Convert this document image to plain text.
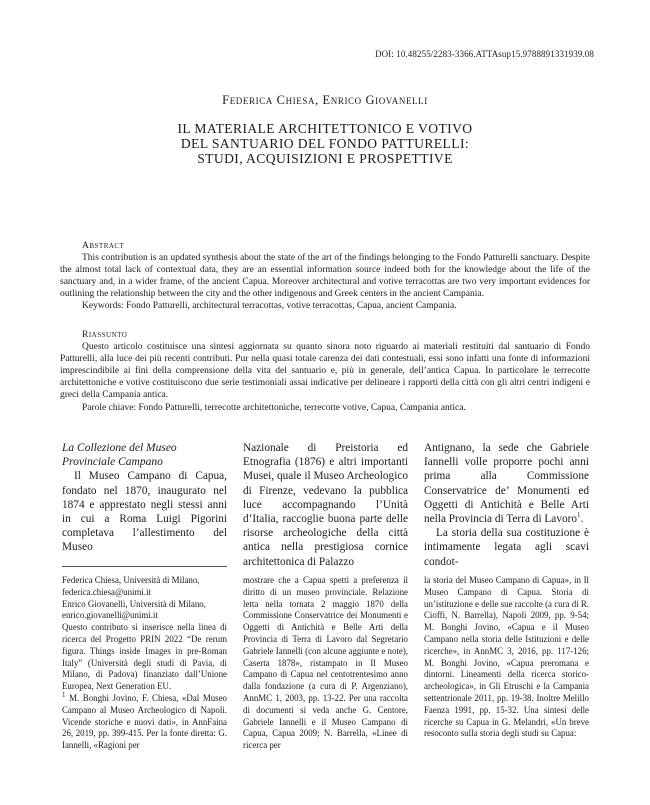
DOI: 10.48255/2283-3366.ATTAsup15.9788891331939.08
Federica Chiesa, Enrico Giovanelli
IL MATERIALE ARCHITETTONICO E VOTIVO
DEL SANTUARIO DEL FONDO PATTURELLI:
STUDI, ACQUISIZIONI E PROSPETTIVE
Abstract

This contribution is an updated synthesis about the state of the art of the findings belonging to the Fondo Patturelli sanctuary. Despite the almost total lack of contextual data, they are an essential information source indeed both for the knowledge about the life of the sanctuary and, in a wider frame, of the ancient Capua. Moreover architectural and votive terracottas are two very important evidences for outlining the relationship between the city and the other indigenous and Greek centers in the ancient Campania.

Keywords: Fondo Patturelli, architectural terracottas, votive terracottas, Capua, ancient Campania.

Riassunto

Questo articolo costituisce una sintesi aggiornata su quanto sinora noto riguardo ai materiali restituiti dal santuario di Fondo Patturelli, alla luce dei più recenti contributi. Pur nella quasi totale carenza dei dati contestuali, essi sono infatti una fonte di informazioni imprescindibile ai fini della comprensione della vita del santuario e, più in generale, dell’antica Capua. In particolare le terrecotte architettoniche e votive costituiscono due serie testimoniali assai indicative per delineare i rapporti della città con gli altri centri indigeni e greci della Campania antica.

Parole chiave: Fondo Patturelli, terrecotte architettoniche, terrecotte votive, Capua, Campania antica.

La Collezione del Museo Provinciale Campano

Il Museo Campano di Capua, fondato nel 1870, inaugurato nel 1874 e apprestato negli stessi anni in cui a Roma Luigi Pigorini completava l’allestimento del Museo

Nazionale di Preistoria ed Etnografia (1876) e altri importanti Musei, quale il Museo Archeologico di Firenze, vedevano la pubblica luce accompagnando l’Unità d’Italia, raccoglie buona parte delle risorse archeologiche della città antica nella prestigiosa cornice architettonica di Palazzo

Antignano, la sede che Gabriele Iannelli volle proporre pochi anni prima alla Commissione Conservatrice de’ Monumenti ed Oggetti di Antichità e Belle Arti nella Provincia di Terra di Lavoro$^1$.

La storia della sua costituzione è intimamente legata agli scavi condot-

Federica Chiesa, Università di Milano,

federica.chiesa@unimi.it

Enrico Giovanelli, Università di Milano,

enrico.giovanelli@unimi.it

Questo contributo si inserisce nella linea di ricerca del Progetto PRIN 2022 “De rerum figura. Things inside Images in pre-Roman Italy” (Università degli studi di Pavia, di Milano, di Padova) finanziato dall’Unione Europea, Next Generation EU.

$^1$ M. Bonghi Jovino, F. Chiesa, «Dal Museo Campano al Museo Archeologico di Napoli. Vicende storiche e nuovi dati», in AnnFaina 26, 2019, pp. 399-415. Per la fonte diretta: G. Iannelli, «Ragioni per

mostrare che a Capua spetti a preferenza il diritto di un museo provinciale. Relazione letta nella tornata 2 maggio 1870 della Commissione Conservatrice dei Monumenti e Oggetti di Antichità e Belle Arti della Provincia di Terra di Lavoro dal Segretario Gabriele Iannelli (con alcune aggiunte e note), Caserta 1878», ristampato in Il Museo Campano di Capua nel centotrentesimo anno dalla fondazione (a cura di P. Argenziano), AnnMC 1, 2003, pp. 13-22. Per una raccolta di documenti si veda anche G. Centore, Gabriele Iannelli e il Museo Campano di Capua, Capua 2009; N. Barrella, «Linee di ricerca per

la storia del Museo Campano di Capua», in Il Museo Campano di Capua. Storia di un’istituzione e delle sue raccolte (a cura di R. Cioffi, N. Barrella), Napoli 2009, pp. 9-54; M. Bonghi Jovino, «Capua e il Museo Campano nella storia delle Istituzioni e delle ricerche», in AnnMC 3, 2016, pp. 117-126; M. Bonghi Jovino, «Capua preromana e dintorni. Lineamenti della ricerca storico-archeologica», in Gli Etruschi e la Campania settentrionale 2011, pp. 19-38. Inoltre Melillo Faenza 1991, pp. 15-32. Una sintesi delle ricerche su Capua in G. Melandri, «Un breve resoconto sulla storia degli studi su Capua:
